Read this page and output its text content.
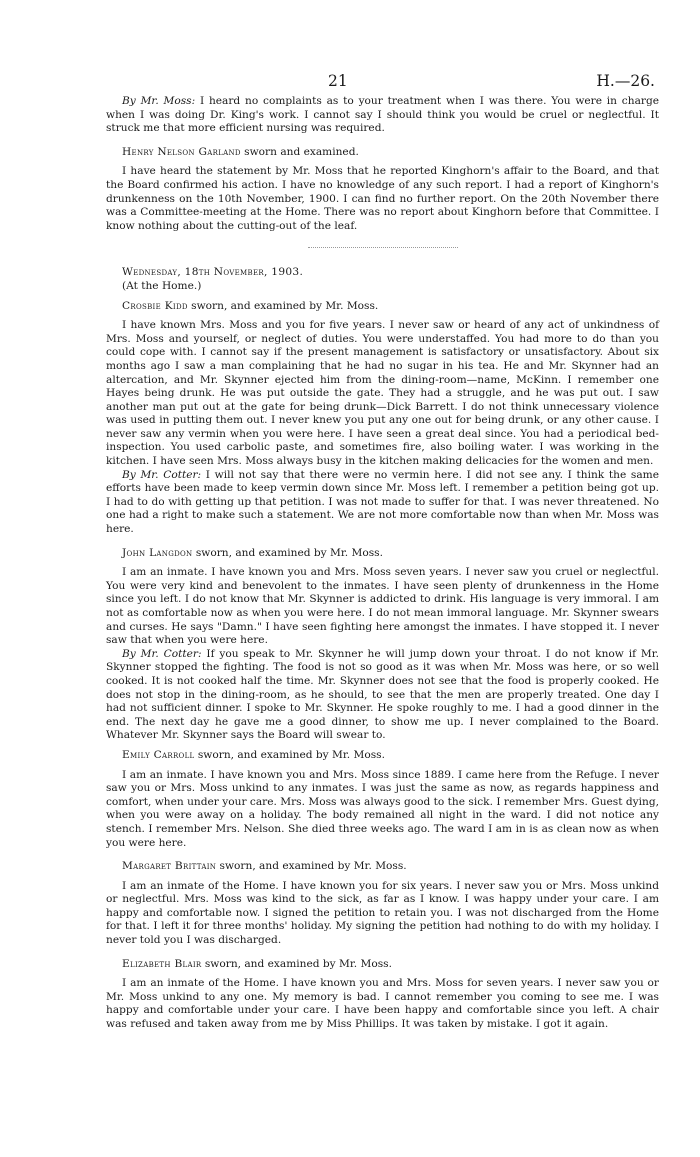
21	H.—26.

By Mr. Moss: I heard no complaints as to your treatment when I was there. You were in charge when I was doing Dr. King's work. I cannot say I should think you would be cruel or neglectful. It struck me that more efficient nursing was required.

Henry Nelson Garland sworn and examined.

I have heard the statement by Mr. Moss that he reported Kinghorn's affair to the Board, and that the Board confirmed his action. I have no knowledge of any such report. I had a report of Kinghorn's drunkenness on the 10th November, 1900. I can find no further report. On the 20th November there was a Committee-meeting at the Home. There was no report about Kinghorn before that Committee. I know nothing about the cutting-out of the leaf.

Wednesday, 18th November, 1903.

(At the Home.)

Crosbie Kidd sworn, and examined by Mr. Moss.

I have known Mrs. Moss and you for five years. I never saw or heard of any act of unkindness of Mrs. Moss and yourself, or neglect of duties. You were understaffed. You had more to do than you could cope with. I cannot say if the present management is satisfactory or unsatisfactory. About six months ago I saw a man complaining that he had no sugar in his tea. He and Mr. Skynner had an altercation, and Mr. Skynner ejected him from the dining-room—name, McKinn. I remember one Hayes being drunk. He was put outside the gate. They had a struggle, and he was put out. I saw another man put out at the gate for being drunk—Dick Barrett. I do not think unnecessary violence was used in putting them out. I never knew you put any one out for being drunk, or any other cause. I never saw any vermin when you were here. I have seen a great deal since. You had a periodical bed-inspection. You used carbolic paste, and sometimes fire, also boiling water. I was working in the kitchen. I have seen Mrs. Moss always busy in the kitchen making delicacies for the women and men.

By Mr. Cotter: I will not say that there were no vermin here. I did not see any. I think the same efforts have been made to keep vermin down since Mr. Moss left. I remember a petition being got up. I had to do with getting up that petition. I was not made to suffer for that. I was never threatened. No one had a right to make such a statement. We are not more comfortable now than when Mr. Moss was here.

John Langdon sworn, and examined by Mr. Moss.

I am an inmate. I have known you and Mrs. Moss seven years. I never saw you cruel or neglectful. You were very kind and benevolent to the inmates. I have seen plenty of drunkenness in the Home since you left. I do not know that Mr. Skynner is addicted to drink. His language is very immoral. I am not as comfortable now as when you were here. I do not mean immoral language. Mr. Skynner swears and curses. He says "Damn." I have seen fighting here amongst the inmates. I have stopped it. I never saw that when you were here.

By Mr. Cotter: If you speak to Mr. Skynner he will jump down your throat. I do not know if Mr. Skynner stopped the fighting. The food is not so good as it was when Mr. Moss was here, or so well cooked. It is not cooked half the time. Mr. Skynner does not see that the food is properly cooked. He does not stop in the dining-room, as he should, to see that the men are properly treated. One day I had not sufficient dinner. I spoke to Mr. Skynner. He spoke roughly to me. I had a good dinner in the end. The next day he gave me a good dinner, to show me up. I never complained to the Board. Whatever Mr. Skynner says the Board will swear to.

Emily Carroll sworn, and examined by Mr. Moss.

I am an inmate. I have known you and Mrs. Moss since 1889. I came here from the Refuge. I never saw you or Mrs. Moss unkind to any inmates. I was just the same as now, as regards happiness and comfort, when under your care. Mrs. Moss was always good to the sick. I remember Mrs. Guest dying, when you were away on a holiday. The body remained all night in the ward. I did not notice any stench. I remember Mrs. Nelson. She died three weeks ago. The ward I am in is as clean now as when you were here.

Margaret Brittain sworn, and examined by Mr. Moss.

I am an inmate of the Home. I have known you for six years. I never saw you or Mrs. Moss unkind or neglectful. Mrs. Moss was kind to the sick, as far as I know. I was happy under your care. I am happy and comfortable now. I signed the petition to retain you. I was not discharged from the Home for that. I left it for three months' holiday. My signing the petition had nothing to do with my holiday. I never told you I was discharged.

Elizabeth Blair sworn, and examined by Mr. Moss.

I am an inmate of the Home. I have known you and Mrs. Moss for seven years. I never saw you or Mr. Moss unkind to any one. My memory is bad. I cannot remember you coming to see me. I was happy and comfortable under your care. I have been happy and comfortable since you left. A chair was refused and taken away from me by Miss Phillips. It was taken by mistake. I got it again.
